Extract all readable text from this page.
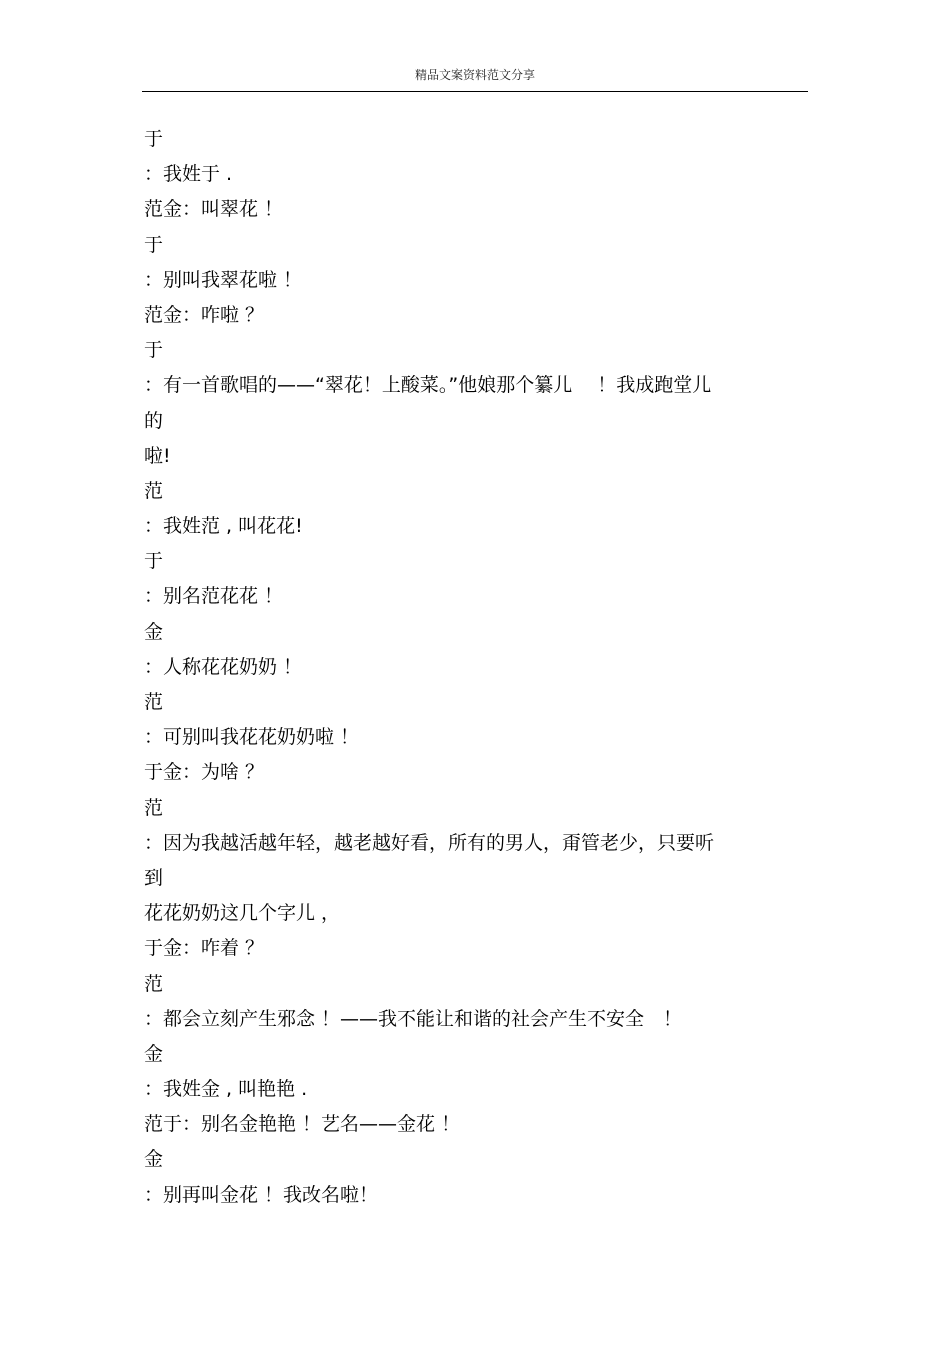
精品文案资料范文分享
于
：我姓于 .
范金：叫翠花 ！
于
：别叫我翠花啦 ！
范金：咋啦 ？
于
：有一首歌唱的——“翠花！上酸菜。”他娘那个纂儿　 ！我成跑堂儿
的
啦!
范
：我姓范 , 叫花花!
于
：别名范花花 ！
金
：人称花花奶奶 ！
范
：可别叫我花花奶奶啦 ！
于金：为啥 ？
范
：因为我越活越年轻，越老越好看，所有的男人，甭管老少，只要听
到
花花奶奶这几个字儿 ，
于金：咋着 ？
范
：都会立刻产生邪念 ！——我不能让和谐的社会产生不安全　！
金
：我姓金 , 叫艳艳 .
范于：别名金艳艳 ！艺名——金花 ！
金
：别再叫金花 ！我改名啦！
